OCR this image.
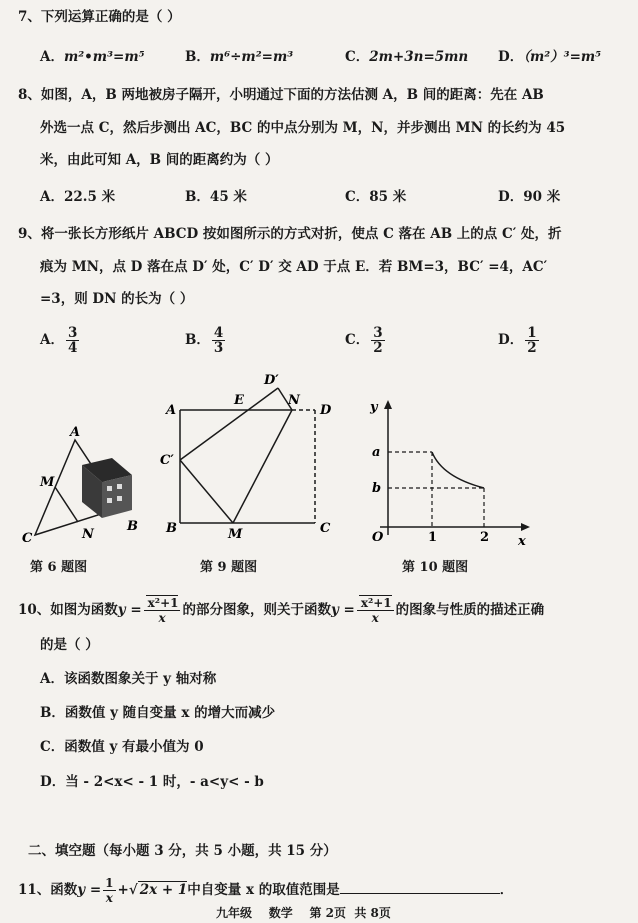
7、下列运算正确的是（ ）
A．m²•m³=m⁵	B．m⁶÷m²=m³	C．2m+3n=5mn D．（m²）³=m⁵
8、如图，A，B 两地被房子隔开，小明通过下面的方法估测 A，B 间的距离：先在 AB
外选一点 C，然后步测出 AC，BC 的中点分别为 M，N，并步测出 MN 的长约为 45
米，由此可知 A，B 间的距离约为（ ）
A．22.5 米	B．45 米	C．85 米	D．90 米
9、将一张长方形纸片 ABCD 按如图所示的方式对折，使点 C 落在 AB 上的点 C′ 处，折
痕为 MN，点 D 落在点 D′ 处，C′ D′ 交 AD 于点 E．若 BM=3，BC′ =4，AC′
=3，则 DN 的长为（ ）
A． $\frac{3}{4}$	B． $\frac{4}{3}$	C． $\frac{3}{2}$	D． $\frac{1}{2}$
A
C
B
M
N
第 6 题图
A
B	C
D
E	N
M
C′
D′
第 9 题图
y
x
O
a
b
1	2
第 10 题图
10、如图为函数$y = \frac{\text{x²+1}}{x}$ 的部分图象，则关于函数$y = \frac{\text{x²+1}}{x}$ 的图象与性质的描述正确
的是（ ）
A．该函数图象关于 y 轴对称
B．函数值 y 随自变量 x 的增大而减少
C．函数值 y 有最小值为 0
D．当 - 2<x< - 1 时，- a<y< - b
二、填空题（每小题 3 分，共 5 小题，共 15 分）
11、函数$y = \frac{1}{x}$ +√ 2x + 1中自变量 x 的取值范围是	．
九年级 数学 第 2页 共 8页
